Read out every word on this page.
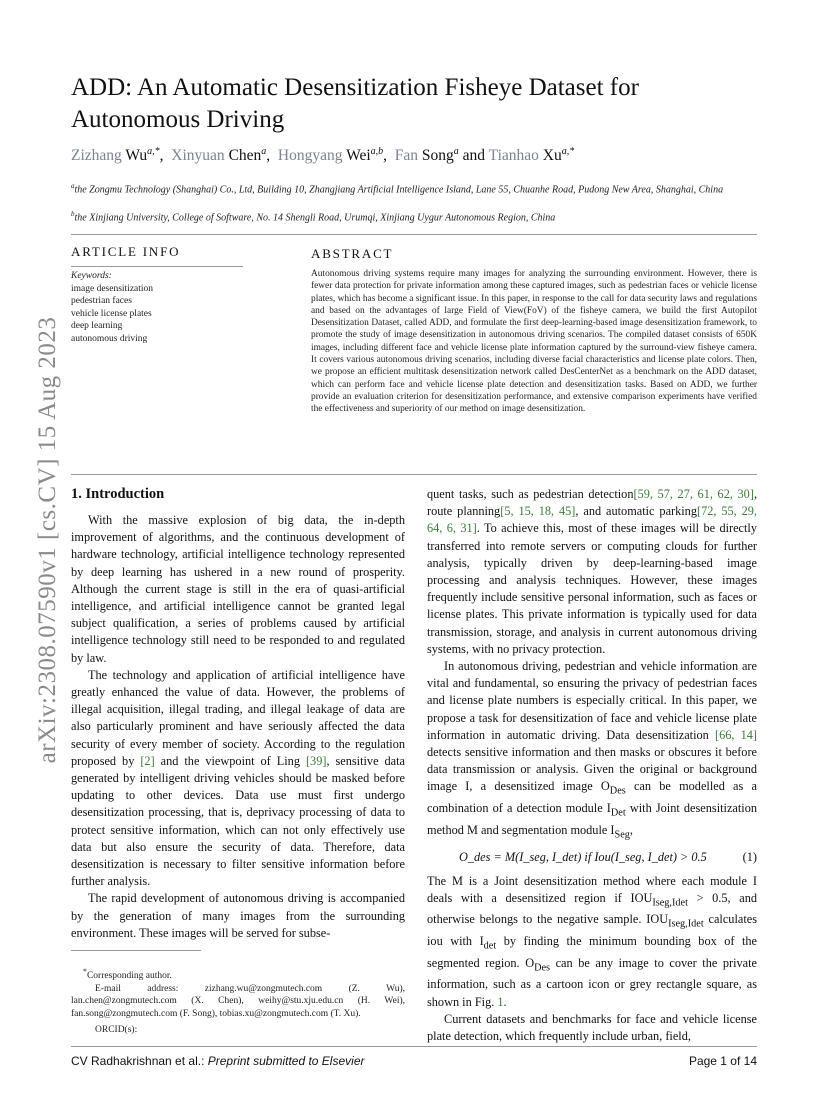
arXiv:2308.07590v1 [cs.CV] 15 Aug 2023
ADD: An Automatic Desensitization Fisheye Dataset for Autonomous Driving
Zizhang $Wu^{a,*}$,  Xinyuan Chen$^a$,  Hongyang Wei$^{a,b}$,  Fan Song$^a$ and Tianhao $Xu^{a,*}$
$^a$the Zongmu Technology (Shanghai) Co., Ltd, Building 10, Zhangjiang Artificial Intelligence Island, Lane 55, Chuanhe Road, Pudong New Area, Shanghai, China
$^b$the Xinjiang University, College of Software, No. 14 Shengli Road, Urumqi, Xinjiang Uygur Autonomous Region, China
ARTICLE INFO
Keywords:
image desensitization
pedestrian faces
vehicle license plates
deep learning
autonomous driving
ABSTRACT
Autonomous driving systems require many images for analyzing the surrounding environment. However, there is fewer data protection for private information among these captured images, such as pedestrian faces or vehicle license plates, which has become a significant issue. In this paper, in response to the call for data security laws and regulations and based on the advantages of large Field of View(FoV) of the fisheye camera, we build the first Autopilot Desensitization Dataset, called ADD, and formulate the first deep-learning-based image desensitization framework, to promote the study of image desensitization in autonomous driving scenarios. The compiled dataset consists of 650K images, including different face and vehicle license plate information captured by the surround-view fisheye camera. It covers various autonomous driving scenarios, including diverse facial characteristics and license plate colors. Then, we propose an efficient multitask desensitization network called DesCenterNet as a benchmark on the ADD dataset, which can perform face and vehicle license plate detection and desensitization tasks. Based on ADD, we further provide an evaluation criterion for desensitization performance, and extensive comparison experiments have verified the effectiveness and superiority of our method on image desensitization.
1. Introduction

With the massive explosion of big data, the in-depth improvement of algorithms, and the continuous development of hardware technology, artificial intelligence technology represented by deep learning has ushered in a new round of prosperity. Although the current stage is still in the era of quasi-artificial intelligence, and artificial intelligence cannot be granted legal subject qualification, a series of problems caused by artificial intelligence technology still need to be responded to and regulated by law.

The technology and application of artificial intelligence have greatly enhanced the value of data. However, the problems of illegal acquisition, illegal trading, and illegal leakage of data are also particularly prominent and have seriously affected the data security of every member of society. According to the regulation proposed by [2] and the viewpoint of Ling [39], sensitive data generated by intelligent driving vehicles should be masked before updating to other devices. Data use must first undergo desensitization processing, that is, deprivacy processing of data to protect sensitive information, which can not only effectively use data but also ensure the security of data. Therefore, data desensitization is necessary to filter sensitive information before further analysis.

The rapid development of autonomous driving is accompanied by the generation of many images from the surrounding environment. These images will be served for subse-

*Corresponding author.
E-mail address:	zizhang.wu@zongmutech.com (Z. Wu), lan.chen@zongmutech.com (X. Chen), weihy@stu.xju.edu.cn (H. Wei), fan.song@zongmutech.com (F. Song), tobias.xu@zongmutech.com (T. Xu).
ORCID(s):

quent tasks, such as pedestrian detection[59, 57, 27, 61, 62, 30], route planning[5, 15, 18, 45], and automatic parking[72, 55, 29, 64, 6, 31]. To achieve this, most of these images will be directly transferred into remote servers or computing clouds for further analysis, typically driven by deep-learning-based image processing and analysis techniques. However, these images frequently include sensitive personal information, such as faces or license plates. This private information is typically used for data transmission, storage, and analysis in current autonomous driving systems, with no privacy protection.

In autonomous driving, pedestrian and vehicle information are vital and fundamental, so ensuring the privacy of pedestrian faces and license plate numbers is especially critical. In this paper, we propose a task for desensitization of face and vehicle license plate information in automatic driving. Data desensitization [66, 14] detects sensitive information and then masks or obscures it before data transmission or analysis. Given the original or background image I, a desensitized image $O_{Des}$ can be modelled as a combination of a detection module $I_{Det}$ with Joint desensitization method M and segmentation module $I_{Seg}$,

O_des = M(I_seg, I_det) if Iou(I_seg, I_det) > 0.5	(1)

The M is a Joint desensitization method where each module I deals with a desensitized region if $IOU_{Iseg,Idet} > 0.5$, and otherwise belongs to the negative sample. $IOU_{Iseg,Idet}$ calculates iou with $I_{det}$ by finding the minimum bounding box of the segmented region. $O_{Des}$ can be any image to cover the private information, such as a cartoon icon or grey rectangle square, as shown in Fig. 1.

Current datasets and benchmarks for face and vehicle license plate detection, which frequently include urban, field,

CV Radhakrishnan et al.: Preprint submitted to Elsevier	Page 1 of 14
